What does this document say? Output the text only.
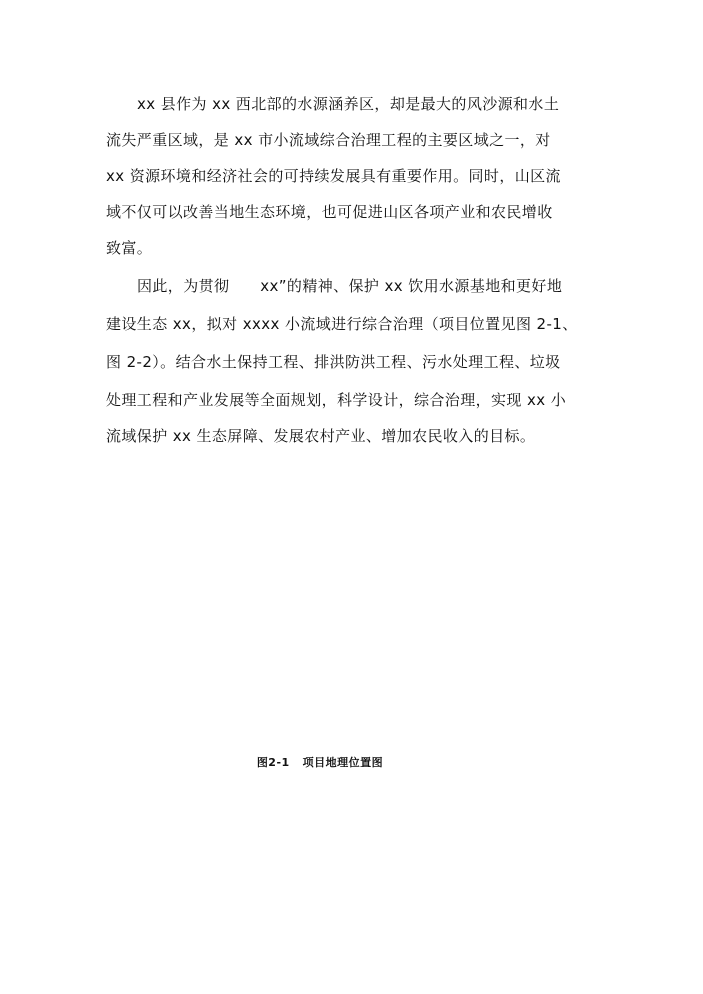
xx 县作为 xx 西北部的水源涵养区，却是最大的风沙源和水土
流失严重区域，是 xx 市小流域综合治理工程的主要区域之一，对
xx 资源环境和经济社会的可持续发展具有重要作用。同时，山区流
域不仅可以改善当地生态环境，也可促进山区各项产业和农民增收
致富。
因此，为贯彻　　xx”的精神、保护 xx 饮用水源基地和更好地
建设生态 xx，拟对 xxxx 小流域进行综合治理（项目位置见图 2-1、
图 2-2）。结合水土保持工程、排洪防洪工程、污水处理工程、垃圾
处理工程和产业发展等全面规划，科学设计，综合治理，实现 xx 小
流域保护 xx 生态屏障、发展农村产业、增加农民收入的目标。
图2-1   项目地理位置图
